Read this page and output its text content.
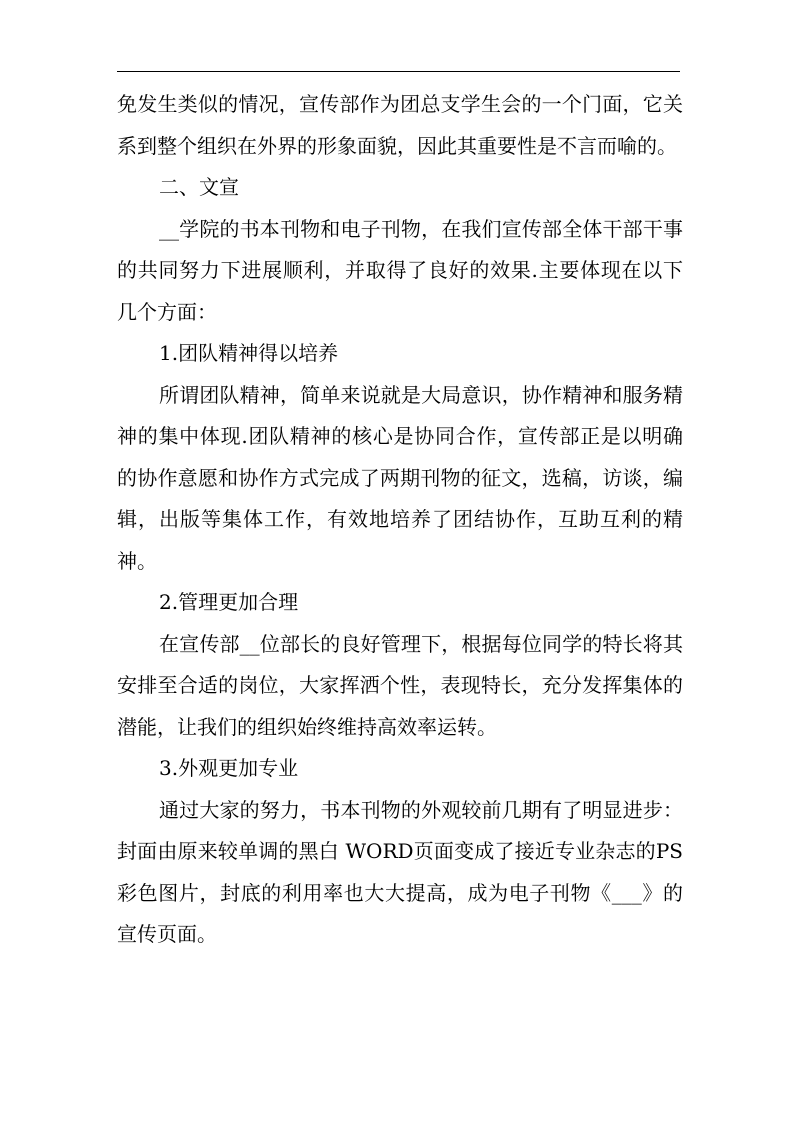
免发生类似的情况，宣传部作为团总支学生会的一个门面，它关系到整个组织在外界的形象面貌，因此其重要性是不言而喻的。

二、文宣

__学院的书本刊物和电子刊物，在我们宣传部全体干部干事的共同努力下进展顺利，并取得了良好的效果.主要体现在以下几个方面：

1.团队精神得以培养

所谓团队精神，简单来说就是大局意识，协作精神和服务精神的集中体现.团队精神的核心是协同合作，宣传部正是以明确的协作意愿和协作方式完成了两期刊物的征文，选稿，访谈，编辑，出版等集体工作，有效地培养了团结协作，互助互利的精神。

2.管理更加合理

在宣传部__位部长的良好管理下，根据每位同学的特长将其安排至合适的岗位，大家挥洒个性，表现特长，充分发挥集体的潜能，让我们的组织始终维持高效率运转。

3.外观更加专业

通过大家的努力，书本刊物的外观较前几期有了明显进步：封面由原来较单调的黑白 WORD页面变成了接近专业杂志的PS彩色图片，封底的利用率也大大提高，成为电子刊物《___》的宣传页面。
